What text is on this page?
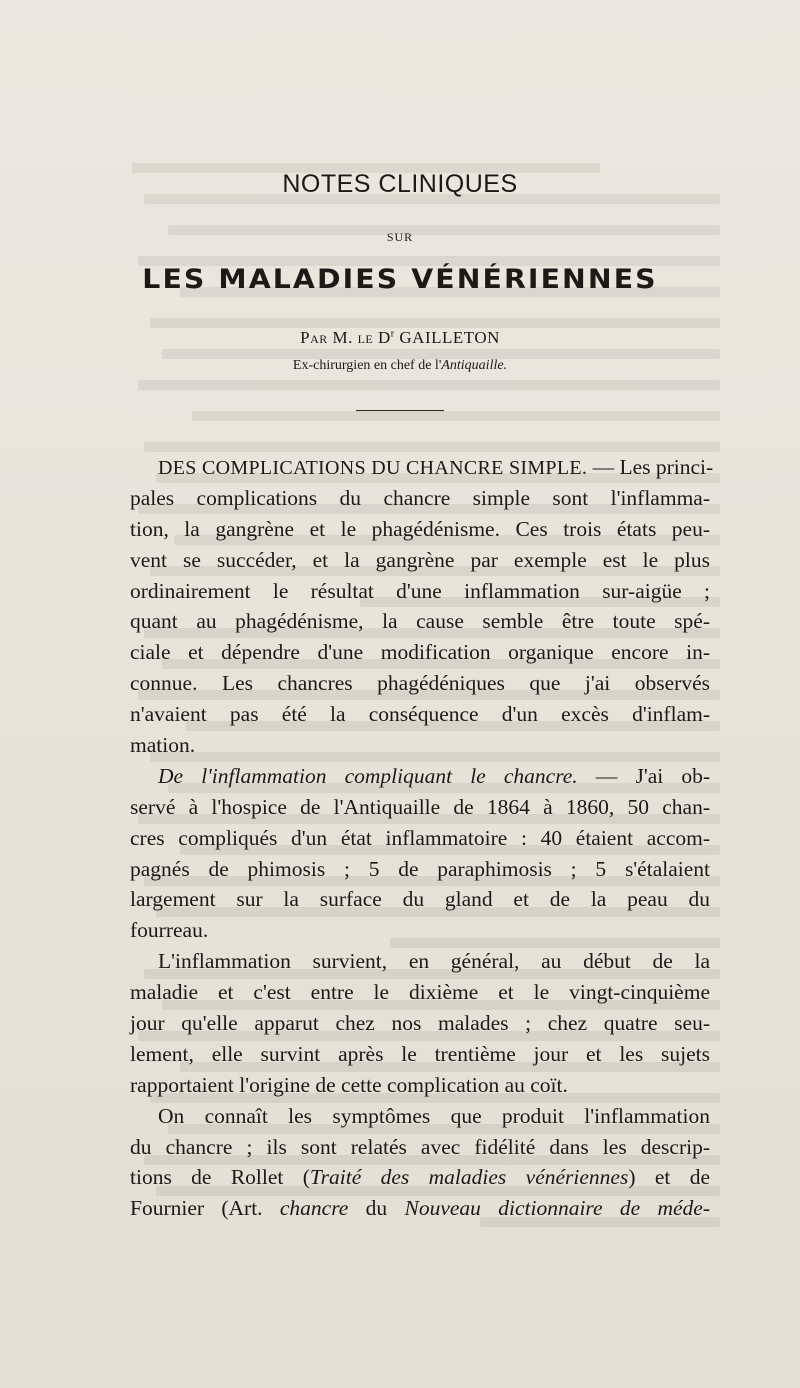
NOTES CLINIQUES
SUR
LES MALADIES VÉNÉRIENNES
Par M. le $D^r$ GAILLETON
Ex-chirurgien en chef de l'Antiquaille.
DES COMPLICATIONS DU CHANCRE SIMPLE. — Les princi-
pales complications du chancre simple sont l'inflamma-
tion, la gangrène et le phagédénisme. Ces trois états peu-
vent se succéder, et la gangrène par exemple est le plus
ordinairement le résultat d'une inflammation sur-aigüe ;
quant au phagédénisme, la cause semble être toute spé-
ciale et dépendre d'une modification organique encore in-
connue. Les chancres phagédéniques que j'ai observés
n'avaient pas été la conséquence d'un excès d'inflam-
mation.
De l'inflammation compliquant le chancre. — J'ai ob-
servé à l'hospice de l'Antiquaille de 1864 à 1860, 50 chan-
cres compliqués d'un état inflammatoire : 40 étaient accom-
pagnés de phimosis ; 5 de paraphimosis ; 5 s'étalaient
largement sur la surface du gland et de la peau du
fourreau.
L'inflammation survient, en général, au début de la
maladie et c'est entre le dixième et le vingt-cinquième
jour qu'elle apparut chez nos malades ; chez quatre seu-
lement, elle survint après le trentième jour et les sujets
rapportaient l'origine de cette complication au coït.
On connaît les symptômes que produit l'inflammation
du chancre ; ils sont relatés avec fidélité dans les descrip-
tions de Rollet (Traité des maladies vénériennes) et de
Fournier (Art. chancre du Nouveau dictionnaire de méde-
